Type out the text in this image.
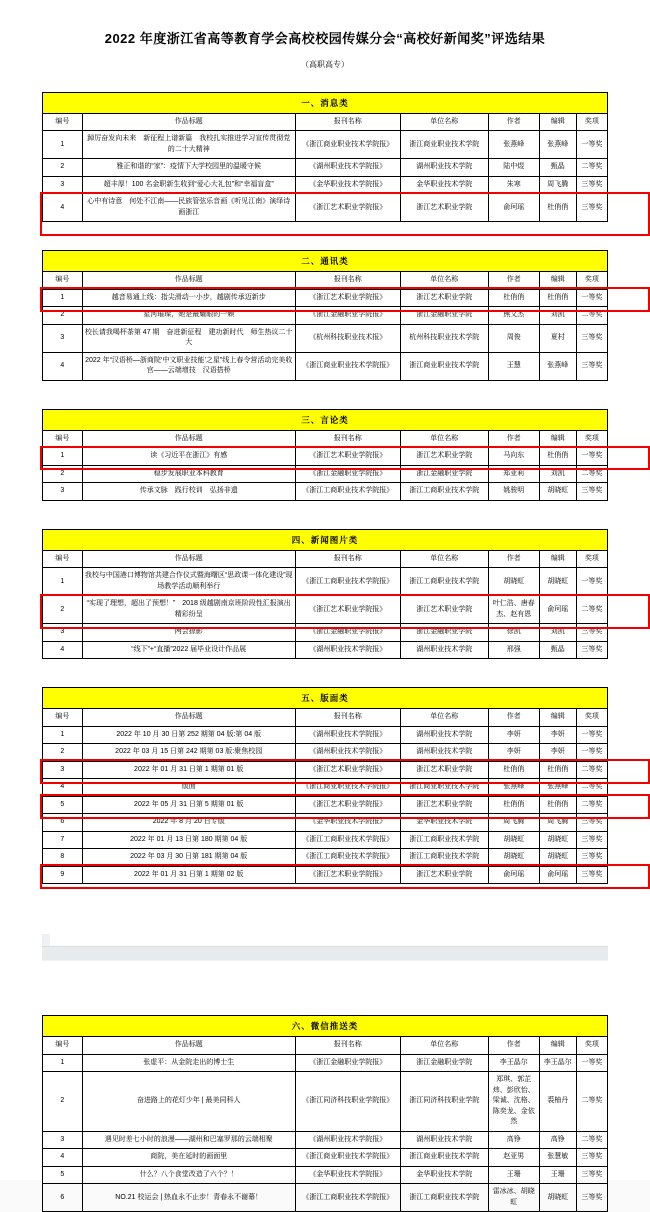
2022 年度浙江省高等教育学会高校校园传媒分会“高校好新闻奖”评选结果
（高职高专）
一、消息类
编号	作品标题	报刊名称	单位名称	作者	编辑	奖项
1	踔厉奋发向未来　新征程上谱新篇　我校扎实推进学习宣传贯彻党的二十大精神	《浙江商业职业技术学院报》	浙江商业职业技术学院	张燕峰	张燕峰	一等奖
2	雅正和谐的“家”：疫情下大学校园里的温暖守候	《湖州职业技术学院报》	湖州职业技术学院	陆中煜	甄晶	二等奖
3	超丰厚！100 名金职新生收到“爱心大礼包”和“幸福盲盒”	《金华职业技术学院报》	金华职业技术学院	朱寒	周飞腾	三等奖
4	心中有诗意　何处不江南——民族管弦乐音画《听见江南》演绎诗画浙江	《浙江艺术职业学院报》	浙江艺术职业学院	俞珂瑶	杜俏俏	三等奖
二、通讯类
编号	作品标题	报刊名称	单位名称	作者	编辑	奖项
1	越音易通上线：指尖滑动一小步，越剧传承迈新步	《浙江艺术职业学院报》	浙江艺术职业学院	杜俏俏	杜俏俏	一等奖
2	星河璀璨，她是最耀眼的一颗	《浙江金融职业学院报》	浙江金融职业学院	熊文杰	刘凯	二等奖
3	校长请我喝杯茶第 47 期　奋进新征程　建功新时代　师生热议二十大	《杭州科技职业技术报》	杭州科技职业技术学院	周俊	夏村	三等奖
4	2022 年“汉语桥—浙商院‘中文职业技能’之星”线上春令营活动完美收官——云端增技　汉语搭桥	《浙江商业职业技术学院报》	浙江商业职业技术学院	王慧	张燕峰	三等奖
三、言论类
编号	作品标题	报刊名称	单位名称	作者	编辑	奖项
1	读《习近平在浙江》有感	《浙江艺术职业学院报》	浙江艺术职业学院	马向东	杜俏俏	一等奖
2	稳步发展职业本科教育	《浙江金融职业学院报》	浙江金融职业学院	郑亚莉	刘凯	二等奖
3	传承文脉　践行校训　弘扬非遗	《浙江工商职业技术学院报》	浙江工商职业技术学院	姚骏明	胡晓虹	三等奖
四、新闻图片类
编号	作品标题	报刊名称	单位名称	作者	编辑	奖项
1	我校与中国港口博物馆共建合作仪式暨海曙区“思政课一体化建设”现场教学活动顺利举行	《浙江工商职业技术学院报》	浙江工商职业技术学院	胡晓虹	胡晓虹	一等奖
2	“实现了理想，超出了预想！”　2018 级越剧南京班阶段性汇报演出精彩纷呈	《浙江艺术职业学院报》	浙江艺术职业学院	叶仁浩、唐春杰、赵有恩	俞珂瑶	二等奖
3	两会掠影	《浙江金融职业学院报》	浙江金融职业学院	徐凯	刘凯	三等奖
4	“线下”+“直播”2022 届毕业设计作品展	《湖州职业技术学院报》	湖州职业技术学院	邢强	甄晶	三等奖
五、版面类
编号	作品标题	报刊名称	单位名称	作者	编辑	奖项
1	2022 年 10 月 30 日第 252 期第 04 版:第 04 版	《湖州职业技术学院报》	湖州职业技术学院	李妍	李妍	一等奖
2	2022 年 03 月 15 日第 242 期第 03 版:聚焦校园	《湖州职业技术学院报》	湖州职业技术学院	李妍	李妍	一等奖
3	2022 年 01 月 31 日第 1 期第 01 版	《浙江艺术职业学院报》	浙江艺术职业学院	杜俏俏	杜俏俏	二等奖
4	版面	《浙江商业职业技术学院报》	浙江商业职业技术学院	张燕峰	张燕峰	二等奖
5	2022 年 05 月 31 日第 5 期第 01 版	《浙江艺术职业学院报》	浙江艺术职业学院	杜俏俏	杜俏俏	二等奖
6	2022 年 8 月 20 日专版	《金华职业技术学院报》	金华职业技术学院	周飞腾	周飞腾	三等奖
7	2022 年 01 月 13 日第 180 期第 04 版	《浙江工商职业技术学院报》	浙江工商职业技术学院	胡晓虹	胡晓虹	三等奖
8	2022 年 03 月 30 日第 181 期第 04 版	《浙江工商职业技术学院报》	浙江工商职业技术学院	胡晓虹	胡晓虹	三等奖
9	2022 年 01 月 31 日第 1 期第 02 版	《浙江艺术职业学院报》	浙江艺术职业学院	俞珂瑶	俞珂瑶	三等奖
六、微信推送类
编号	作品标题	报刊名称	单位名称	作者	编辑	奖项
1	张虚平：从金院走出的博士生	《浙江金融职业学院报》	浙江金融职业学院	李王晶尔	李王晶尔	一等奖
2	奋进路上的花灯少年 | 最美同科人	《浙江同济科技职业学院报》	浙江同济科技职业学院	郑琪、郭芷炜、彭欣怡、梁诚、沈格、陈奕龙、金依然	裘柚丹	二等奖
3	遇见时差七小时的浪漫——湖州和巴塞罗那的云端相聚	《湖州职业技术学院报》	湖州职业技术学院	高铮	高铮	二等奖
4	商院，美在延时的画面里	《浙江商业职业技术学院报》	浙江商业职业技术学院	赵亚男	张慧敏	三等奖
5	什么？八个食堂改造了六个？！	《金华职业技术学院报》	金华职业技术学院	王珊	王珊	三等奖
6	NO.21 校运会 | 热血永不止步！青春永不谢幕！	《浙江工商职业技术学院报》	浙江工商职业技术学院	雷冰冰、胡晓虹	胡晓虹	三等奖
